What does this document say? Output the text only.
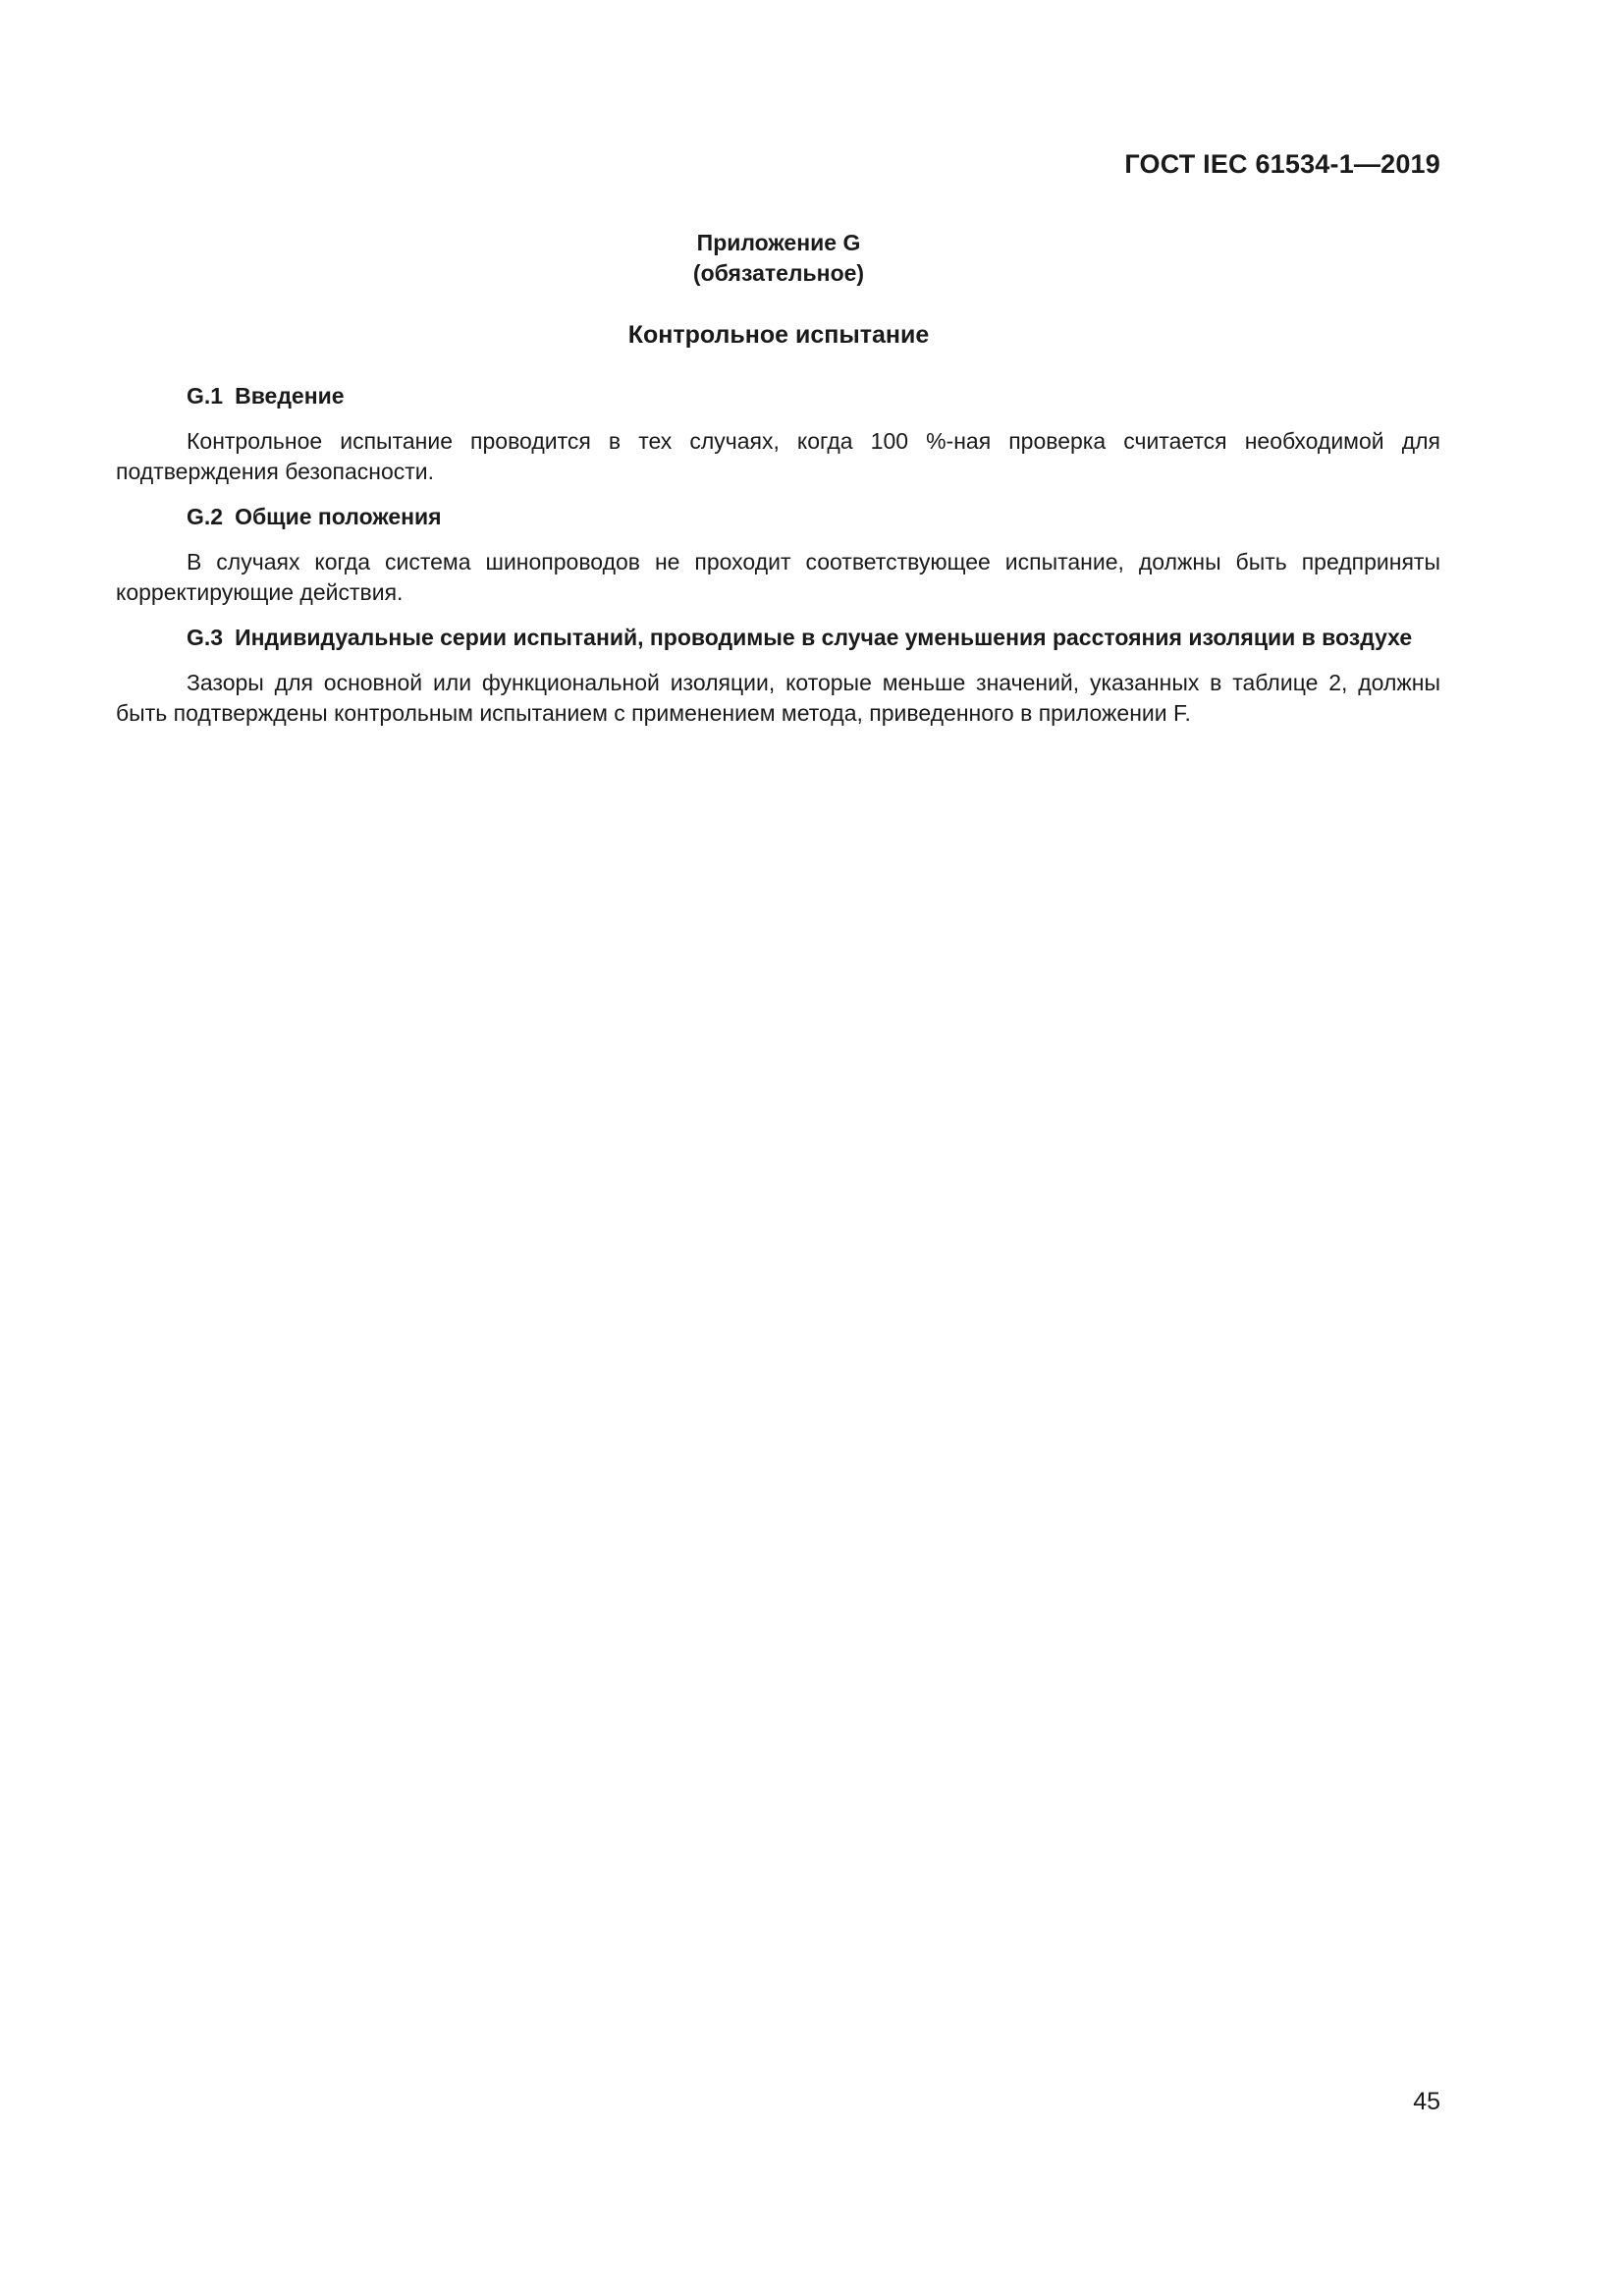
ГОСТ IEC 61534-1—2019
Приложение G
(обязательное)
Контрольное испытание
G.1 Введение

Контрольное испытание проводится в тех случаях, когда 100 %-ная проверка считается необходимой для подтверждения безопасности.

G.2 Общие положения

В случаях когда система шинопроводов не проходит соответствующее испытание, должны быть предприняты корректирующие действия.

G.3 Индивидуальные серии испытаний, проводимые в случае уменьшения расстояния изоляции в воздухе

Зазоры для основной или функциональной изоляции, которые меньше значений, указанных в таблице 2, должны быть подтверждены контрольным испытанием с применением метода, приведенного в приложении F.

45
